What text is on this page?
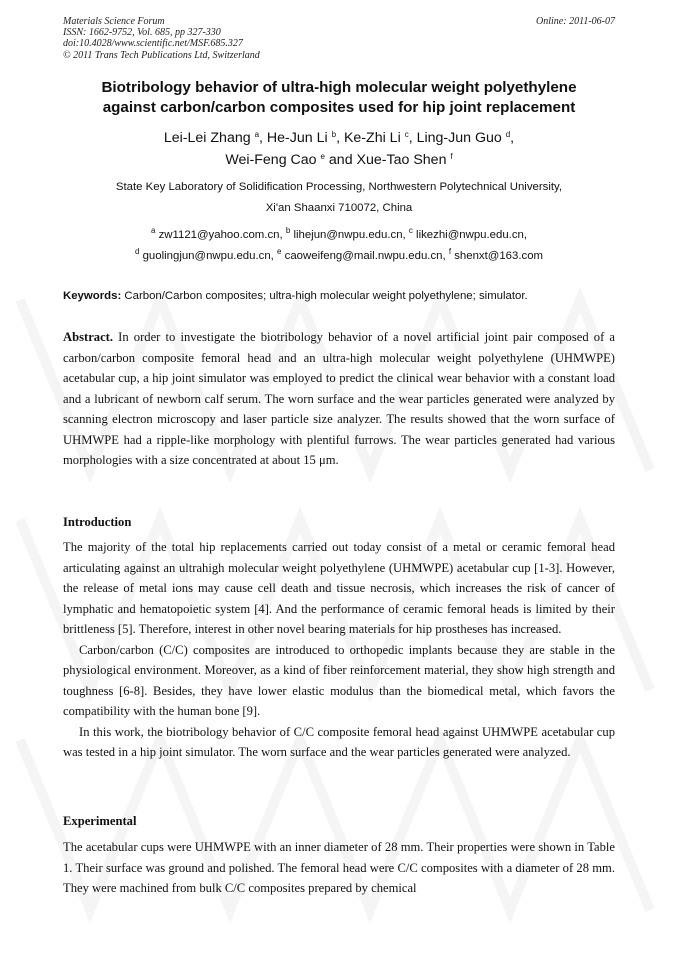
Materials Science Forum
ISSN: 1662-9752, Vol. 685, pp 327-330
doi:10.4028/www.scientific.net/MSF.685.327
© 2011 Trans Tech Publications Ltd, Switzerland
Online: 2011-06-07
Biotribology behavior of ultra-high molecular weight polyethylene
against carbon/carbon composites used for hip joint replacement
Lei-Lei Zhang $^a$, He-Jun Li $^b$, Ke-Zhi Li $^c$, Ling-Jun Guo $^d$,
Wei-Feng Cao $^e$ and Xue-Tao Shen $^f$
State Key Laboratory of Solidification Processing, Northwestern Polytechnical University,
Xi'an Shaanxi 710072, China
$^a$ zw1121@yahoo.com.cn, $^b$ lihejun@nwpu.edu.cn, $^c$ likezhi@nwpu.edu.cn,
$^d$ guolingjun@nwpu.edu.cn, $^e$ caoweifeng@mail.nwpu.edu.cn, $^f$ shenxt@163.com
Keywords: Carbon/Carbon composites; ultra-high molecular weight polyethylene; simulator.
Abstract. In order to investigate the biotribology behavior of a novel artificial joint pair composed of a carbon/carbon composite femoral head and an ultra-high molecular weight polyethylene (UHMWPE) acetabular cup, a hip joint simulator was employed to predict the clinical wear behavior with a constant load and a lubricant of newborn calf serum. The worn surface and the wear particles generated were analyzed by scanning electron microscopy and laser particle size analyzer. The results showed that the worn surface of UHMWPE had a ripple-like morphology with plentiful furrows. The wear particles generated had various morphologies with a size concentrated at about 15 μm.
Introduction

The majority of the total hip replacements carried out today consist of a metal or ceramic femoral head articulating against an ultrahigh molecular weight polyethylene (UHMWPE) acetabular cup [1-3]. However, the release of metal ions may cause cell death and tissue necrosis, which increases the risk of cancer of lymphatic and hematopoietic system [4]. And the performance of ceramic femoral heads is limited by their brittleness [5]. Therefore, interest in other novel bearing materials for hip prostheses has increased.

Carbon/carbon (C/C) composites are introduced to orthopedic implants because they are stable in the physiological environment. Moreover, as a kind of fiber reinforcement material, they show high strength and toughness [6-8]. Besides, they have lower elastic modulus than the biomedical metal, which favors the compatibility with the human bone [9].

In this work, the biotribology behavior of C/C composite femoral head against UHMWPE acetabular cup was tested in a hip joint simulator. The worn surface and the wear particles generated were analyzed.

Experimental
The acetabular cups were UHMWPE with an inner diameter of 28 mm. Their properties were shown in Table 1. Their surface was ground and polished. The femoral head were C/C composites with a diameter of 28 mm. They were machined from bulk C/C composites prepared by chemical
